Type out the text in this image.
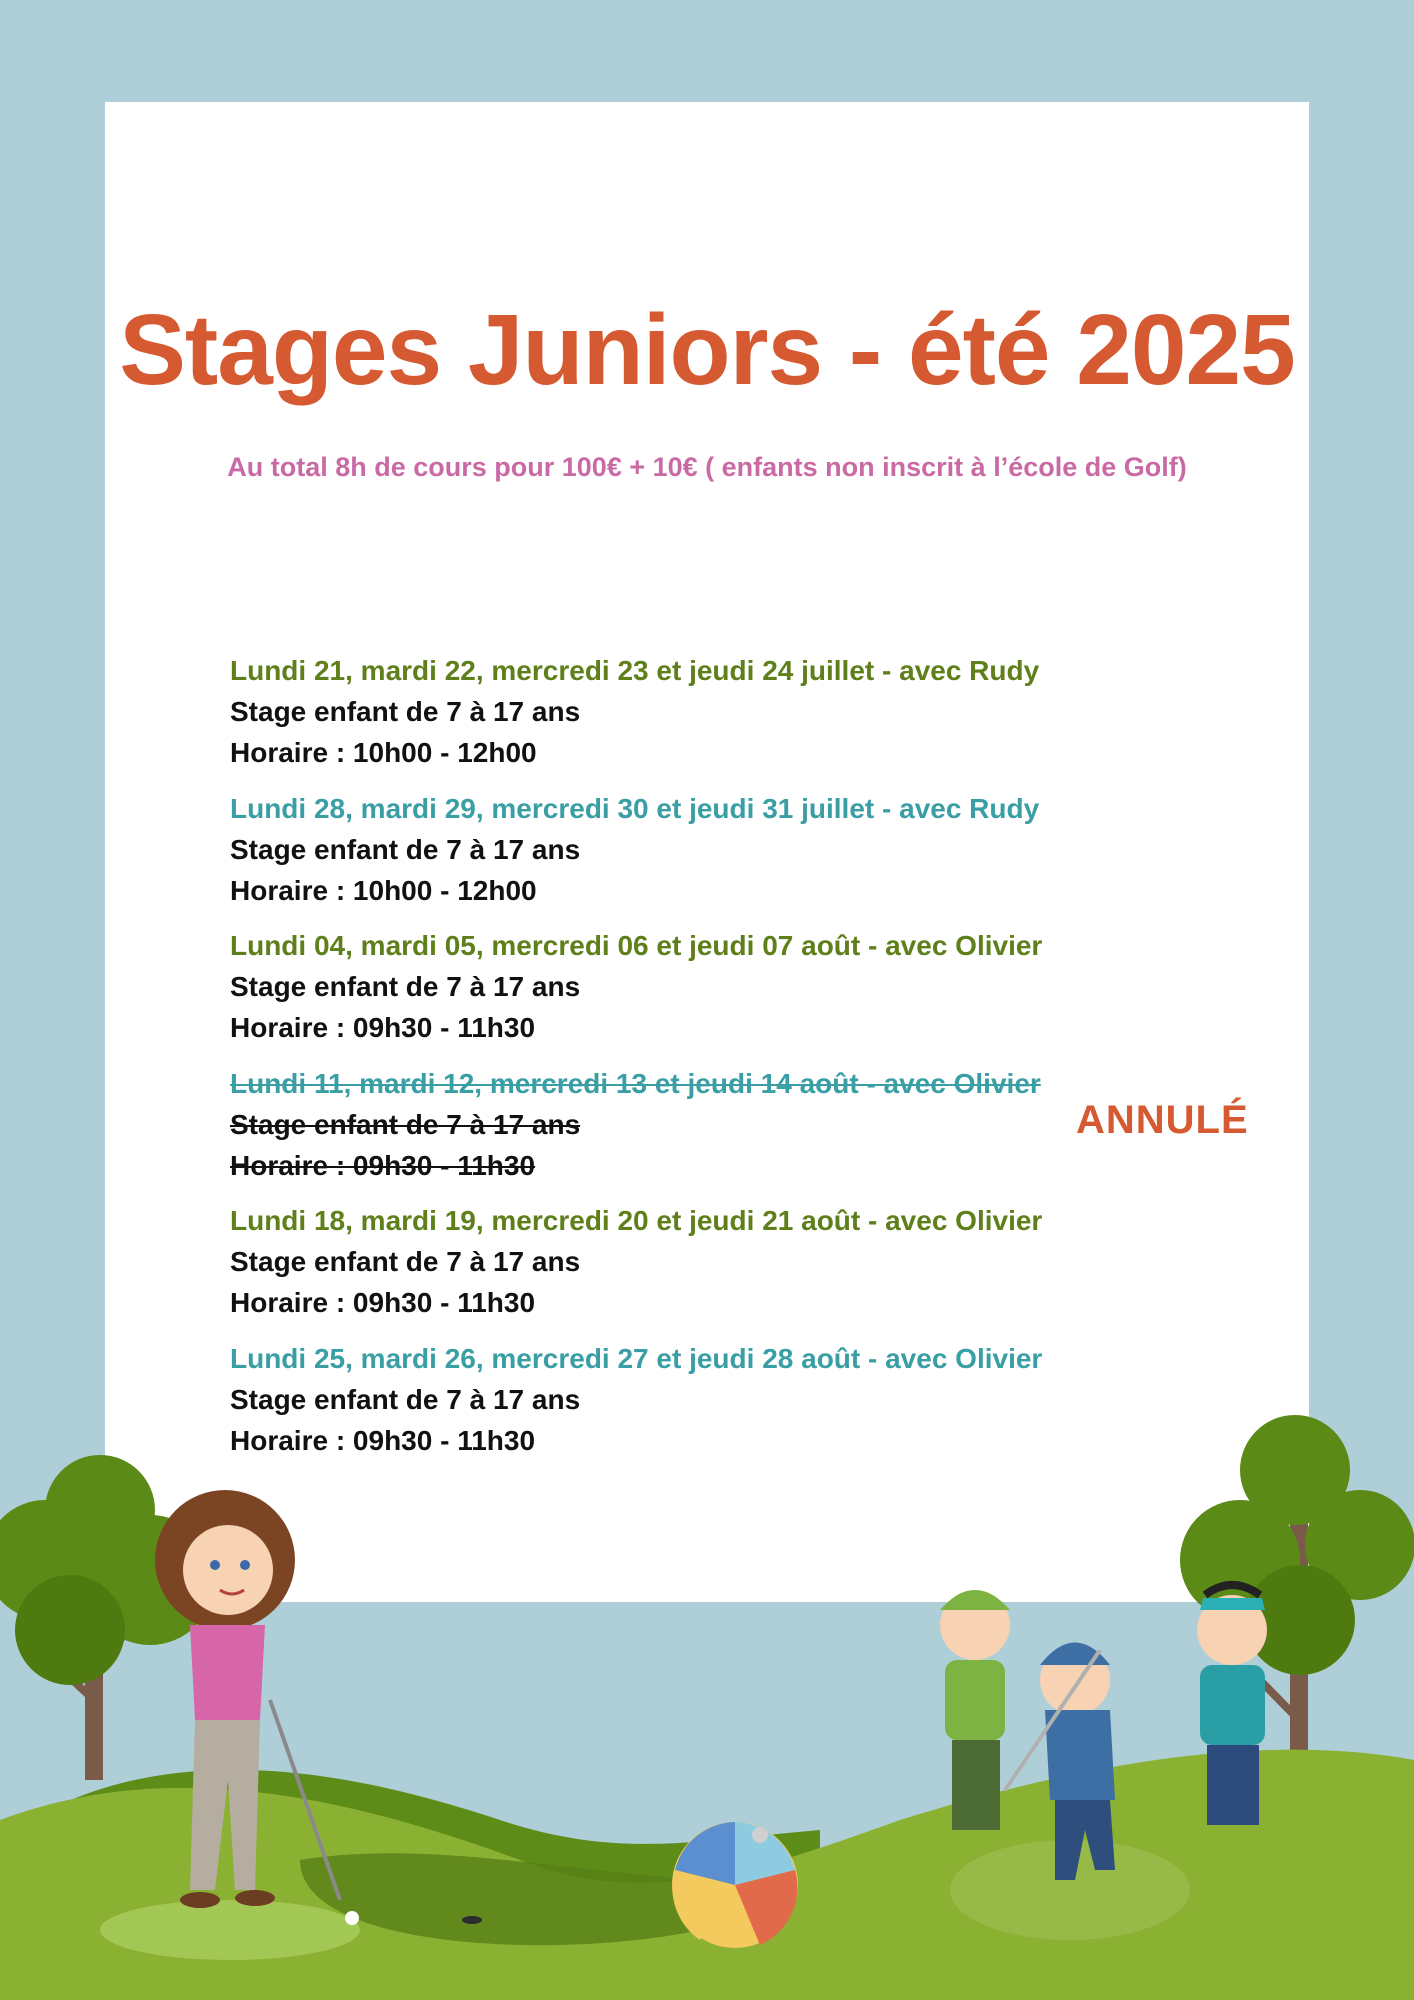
Stages Juniors - été 2025
Au total 8h de cours pour 100€ + 10€ ( enfants non inscrit à l’école de Golf)
Lundi 21, mardi 22, mercredi 23 et jeudi 24 juillet - avec Rudy
Stage enfant de 7 à 17 ans
Horaire : 10h00 - 12h00
Lundi 28, mardi 29, mercredi 30 et jeudi 31 juillet - avec Rudy
Stage enfant de 7 à 17 ans
Horaire : 10h00 - 12h00
Lundi 04, mardi 05, mercredi 06 et jeudi 07 août - avec Olivier
Stage enfant de 7 à 17 ans
Horaire : 09h30 - 11h30
Lundi 11, mardi 12, mercredi 13 et jeudi 14 août - avec Olivier
Stage enfant de 7 à 17 ans
Horaire : 09h30 - 11h30
Lundi 18, mardi 19, mercredi 20 et jeudi 21 août - avec Olivier
Stage enfant de 7 à 17 ans
Horaire : 09h30 - 11h30
Lundi 25, mardi 26, mercredi 27 et jeudi 28 août - avec Olivier
Stage enfant de 7 à 17 ans
Horaire : 09h30 - 11h30
ANNULÉ
